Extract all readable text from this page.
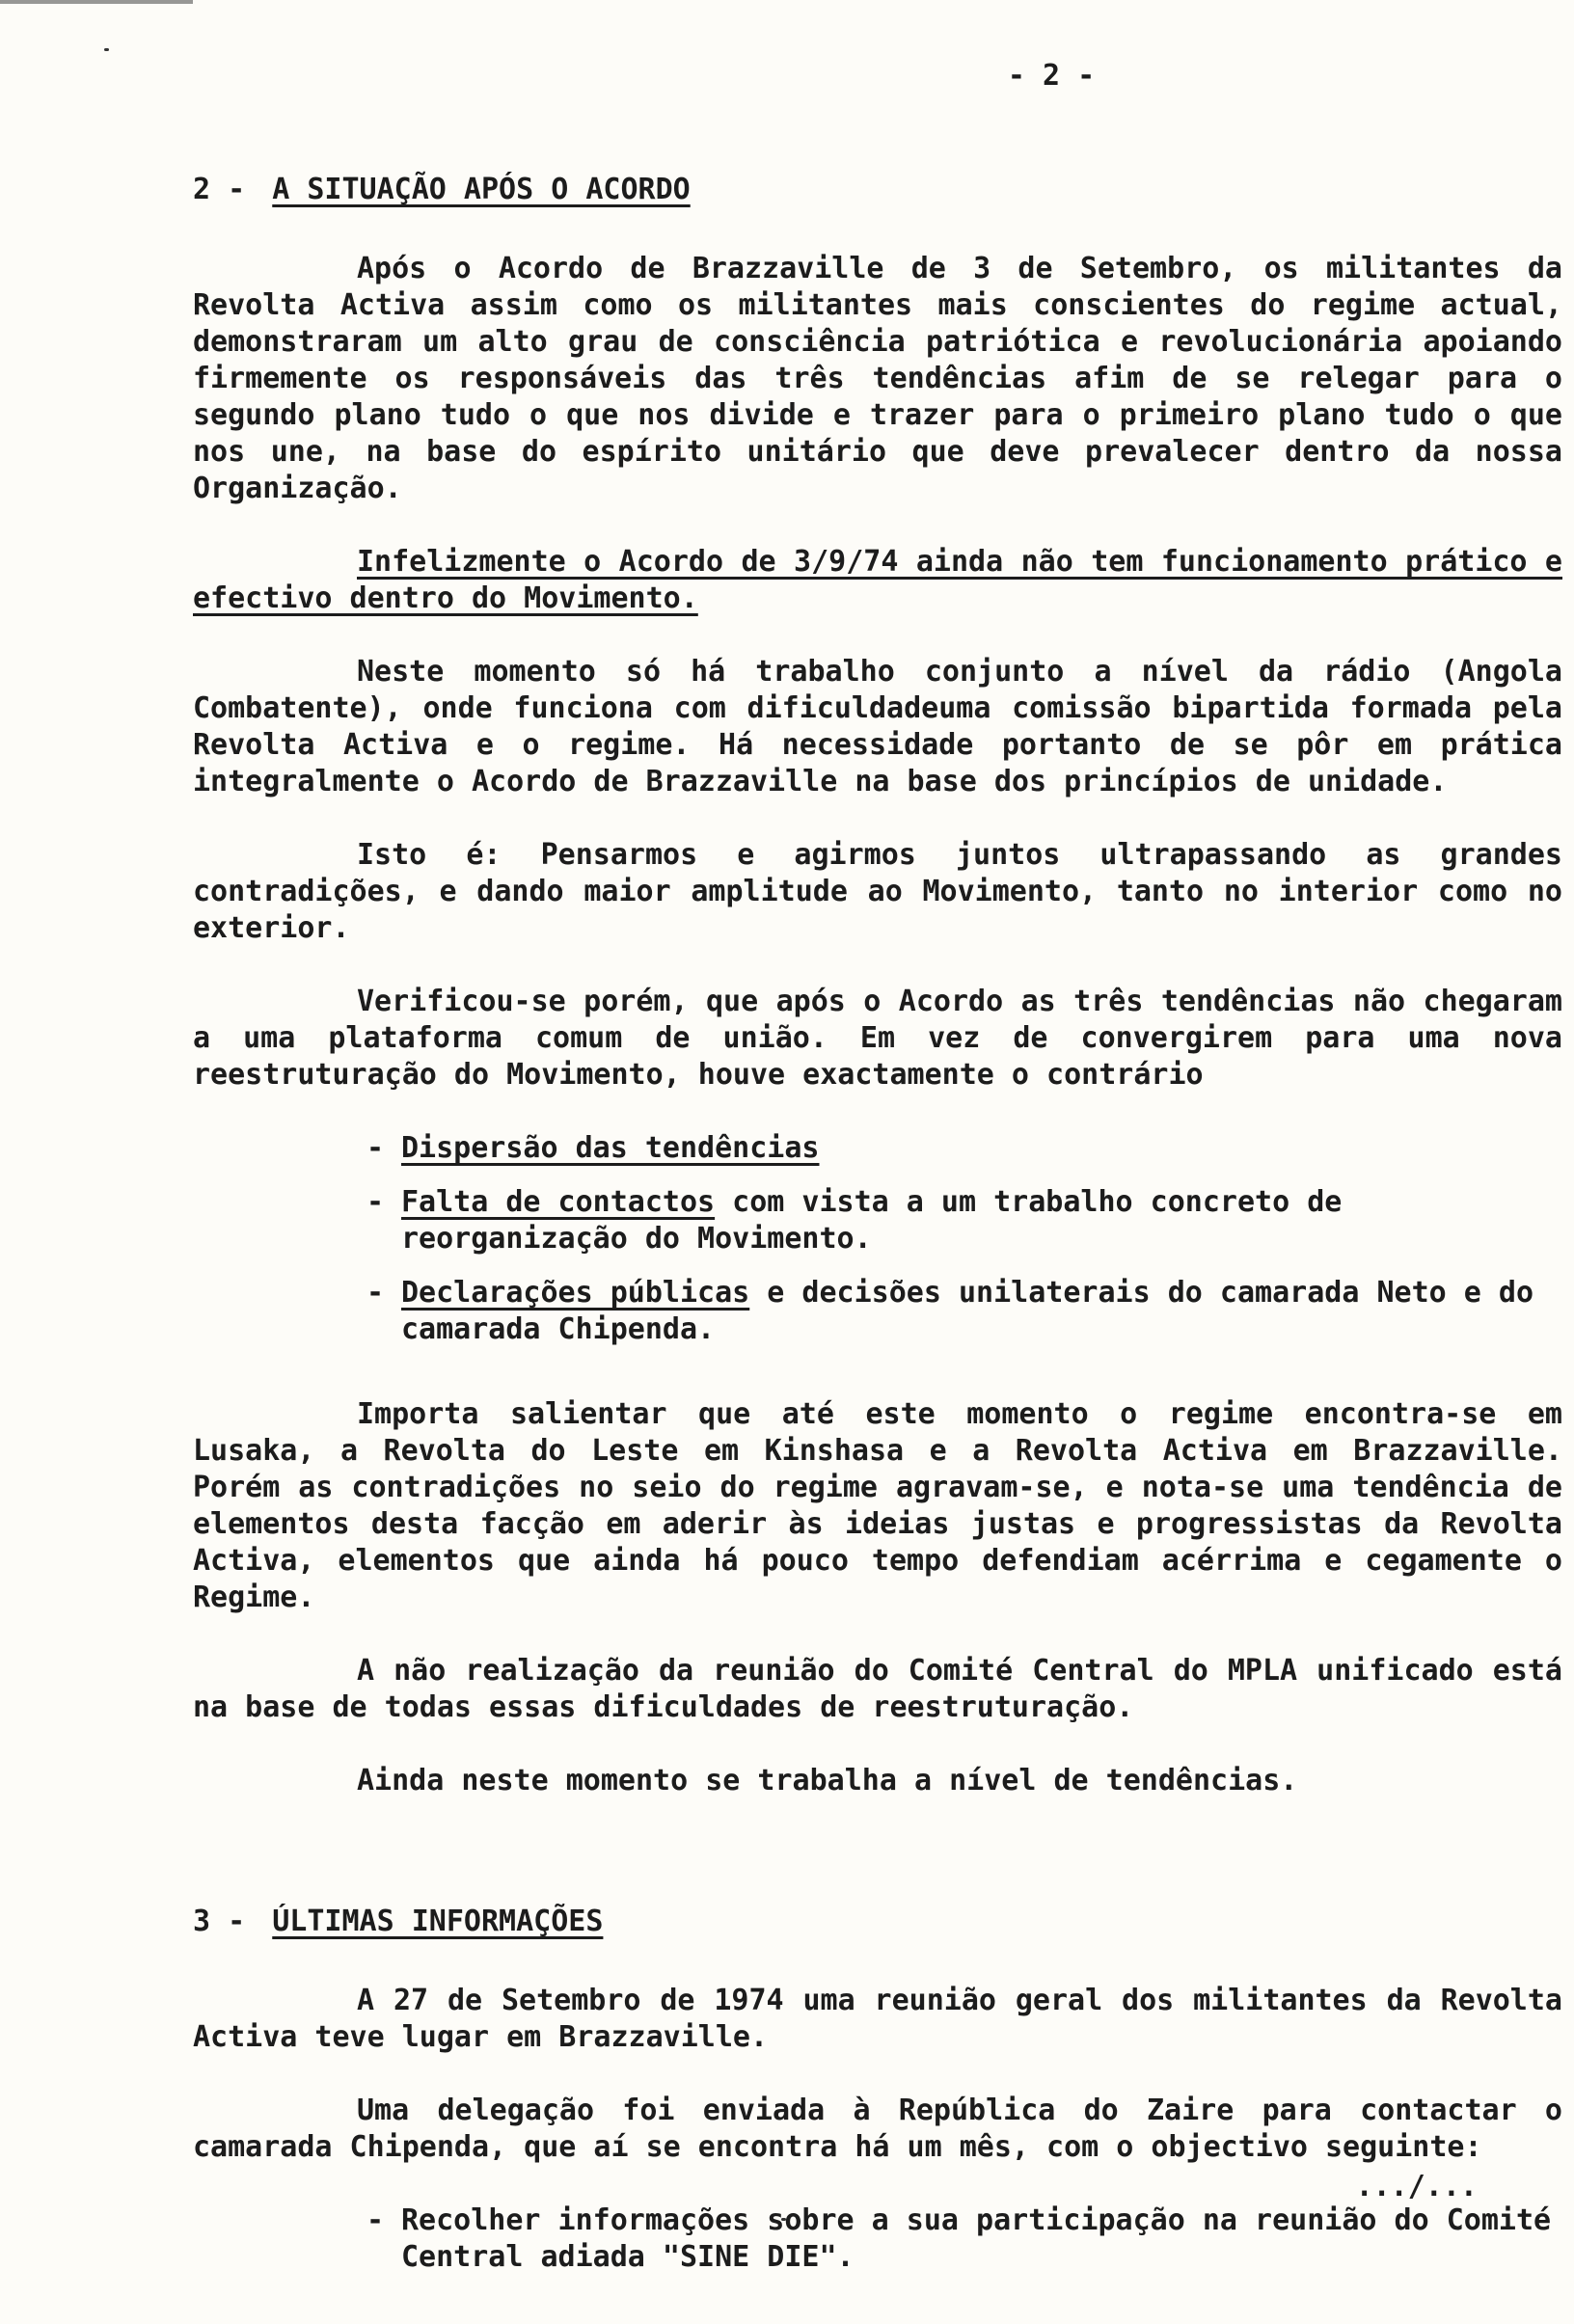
- 2 -
2 - A SITUAÇÃO APÓS O ACORDO

Após o Acordo de Brazzaville de 3 de Setembro, os militantes da Revolta Activa assim como os militantes mais conscientes do regime actual, demonstraram um alto grau de consciência patriótica e revolucionária apoiando firmemente os responsáveis das três tendências afim de se relegar para o segundo plano tudo o que nos divide e trazer para o primeiro plano tudo o que nos une, na base do espírito unitário que deve prevalecer dentro da nossa Organização.

Infelizmente o Acordo de 3/9/74 ainda não tem funcionamento prático e efectivo dentro do Movimento.

Neste momento só há trabalho conjunto a nível da rádio (Angola Combatente), onde funciona com dificuldadeuma comissão bipartida formada pela Revolta Activa e o regime. Há necessidade portanto de se pôr em prática integralmente o Acordo de Brazzaville na base dos princípios de unidade.

Isto é: Pensarmos e agirmos juntos ultrapassando as grandes contradições, e dando maior amplitude ao Movimento, tanto no interior como no exterior.

Verificou-se porém, que após o Acordo as três tendências não chegaram a uma plataforma comum de união. Em vez de convergirem para uma nova reestruturação do Movimento, houve exactamente o contrário

- Dispersão das tendências
- Falta de contactos com vista a um trabalho concreto de reorganização do Movimento.
- Declarações públicas e decisões unilaterais do camarada Neto e do camarada Chipenda.

Importa salientar que até este momento o regime encontra-se em Lusaka, a Revolta do Leste em Kinshasa e a Revolta Activa em Brazzaville. Porém as contradições no seio do regime agravam-se, e nota-se uma tendência de elementos desta facção em aderir às ideias justas e progressistas da Revolta Activa, elementos que ainda há pouco tempo defendiam acérrima e cegamente o Regime.

A não realização da reunião do Comité Central do MPLA unificado está na base de todas essas dificuldades de reestruturação.

Ainda neste momento se trabalha a nível de tendências.

3 - ÚLTIMAS INFORMAÇÕES

A 27 de Setembro de 1974 uma reunião geral dos militantes da Revolta Activa teve lugar em Brazzaville.

Uma delegação foi enviada à República do Zaire para contactar o camarada Chipenda, que aí se encontra há um mês, com o objectivo seguinte:

- Recolher informações sobre a sua participação na reunião do Comité Central adiada "SINE DIE".
.../...
